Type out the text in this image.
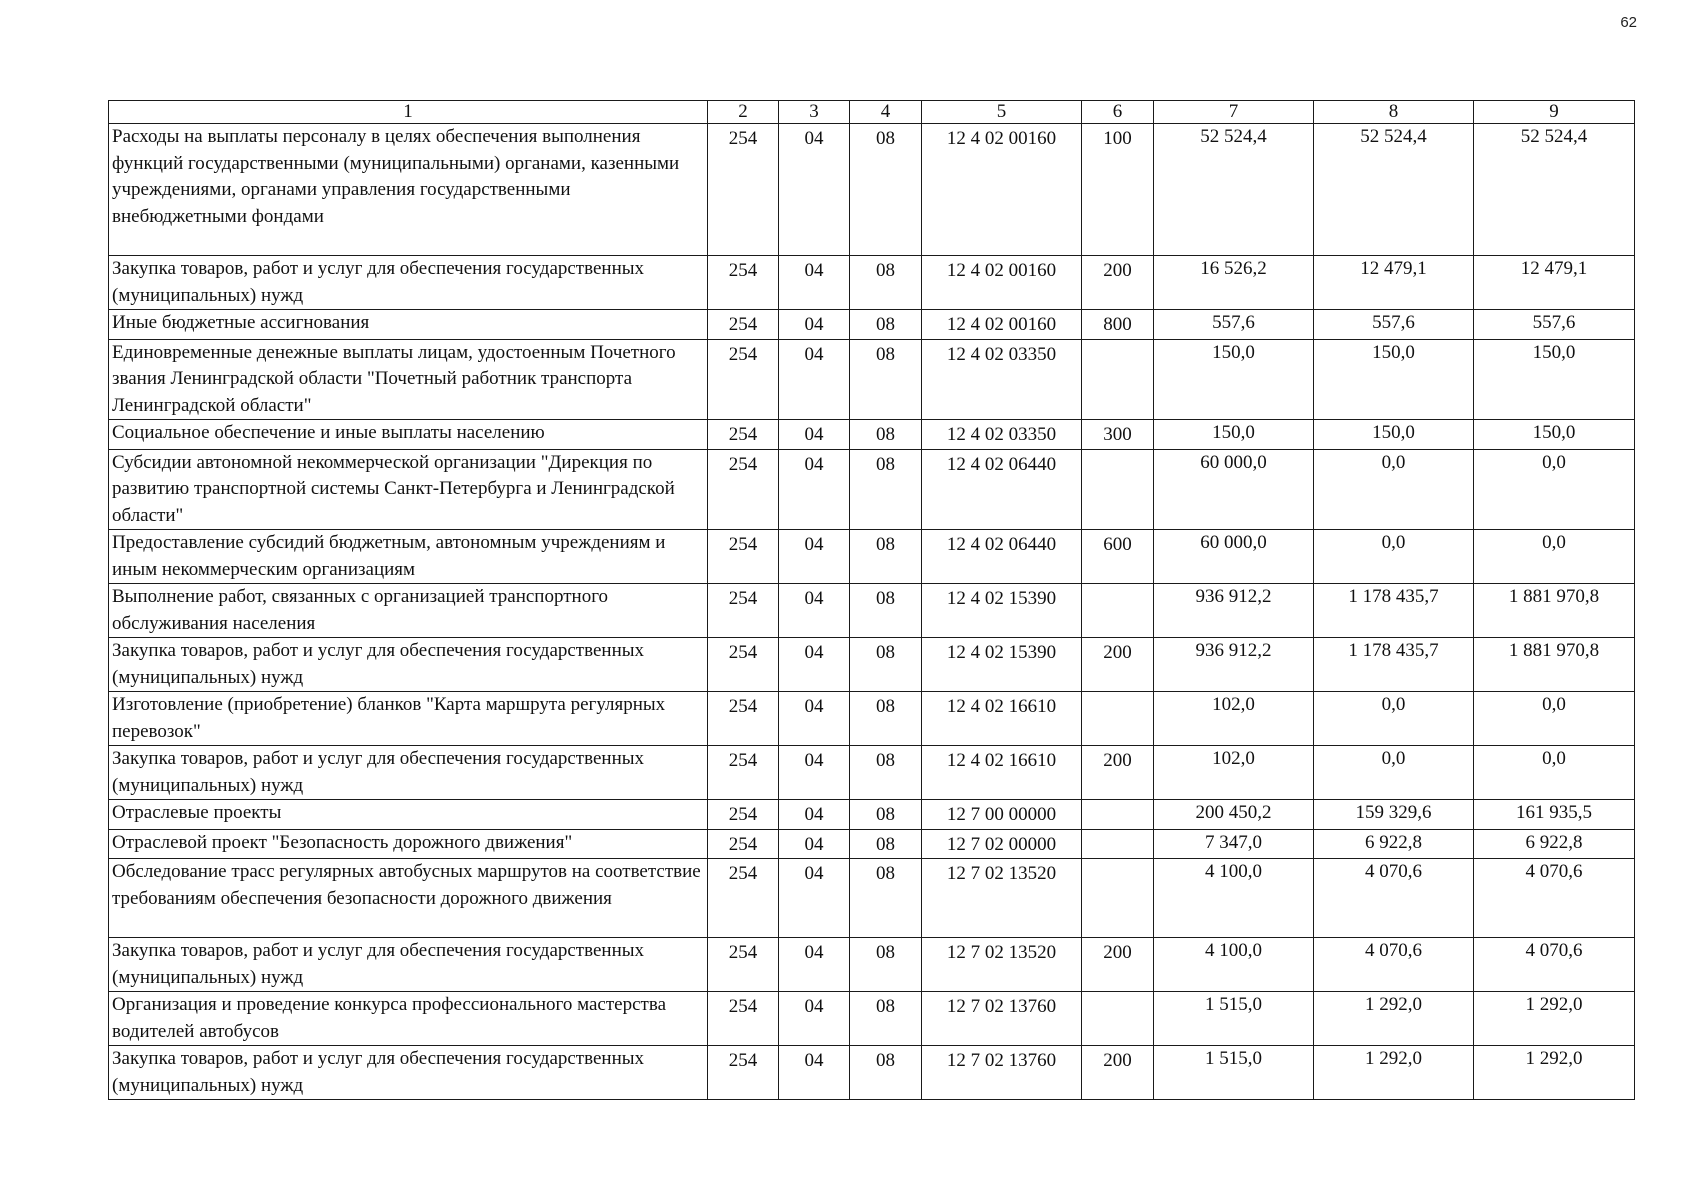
62
1	2	3	4	5	6	7	8	9
Расходы на выплаты персоналу в целях обеспечения выполнения функций государственными (муниципальными) органами, казенными учреждениями, органами управления государственными внебюджетными фондами	254	04	08	12 4 02 00160	100	52 524,4	52 524,4	52 524,4
Закупка товаров, работ и услуг для обеспечения государственных (муниципальных) нужд	254	04	08	12 4 02 00160	200	16 526,2	12 479,1	12 479,1
Иные бюджетные ассигнования	254	04	08	12 4 02 00160	800	557,6	557,6	557,6
Единовременные денежные выплаты лицам, удостоенным Почетного звания Ленинградской области "Почетный работник транспорта Ленинградской области"	254	04	08	12 4 02 03350		150,0	150,0	150,0
Социальное обеспечение и иные выплаты населению	254	04	08	12 4 02 03350	300	150,0	150,0	150,0
Субсидии автономной некоммерческой организации "Дирекция по развитию транспортной системы Санкт-Петербурга и Ленинградской области"	254	04	08	12 4 02 06440		60 000,0	0,0	0,0
Предоставление субсидий бюджетным, автономным учреждениям и иным некоммерческим организациям	254	04	08	12 4 02 06440	600	60 000,0	0,0	0,0
Выполнение работ, связанных с организацией транспортного обслуживания населения	254	04	08	12 4 02 15390		936 912,2	1 178 435,7	1 881 970,8
Закупка товаров, работ и услуг для обеспечения государственных (муниципальных) нужд	254	04	08	12 4 02 15390	200	936 912,2	1 178 435,7	1 881 970,8
Изготовление (приобретение) бланков "Карта маршрута регулярных перевозок"	254	04	08	12 4 02 16610		102,0	0,0	0,0
Закупка товаров, работ и услуг для обеспечения государственных (муниципальных) нужд	254	04	08	12 4 02 16610	200	102,0	0,0	0,0
Отраслевые проекты	254	04	08	12 7 00 00000		200 450,2	159 329,6	161 935,5
Отраслевой проект "Безопасность дорожного движения"	254	04	08	12 7 02 00000		7 347,0	6 922,8	6 922,8
Обследование трасс регулярных автобусных маршрутов на соответствие требованиям обеспечения безопасности дорожного движения	254	04	08	12 7 02 13520		4 100,0	4 070,6	4 070,6
Закупка товаров, работ и услуг для обеспечения государственных (муниципальных) нужд	254	04	08	12 7 02 13520	200	4 100,0	4 070,6	4 070,6
Организация и проведение конкурса профессионального мастерства водителей автобусов	254	04	08	12 7 02 13760		1 515,0	1 292,0	1 292,0
Закупка товаров, работ и услуг для обеспечения государственных (муниципальных) нужд	254	04	08	12 7 02 13760	200	1 515,0	1 292,0	1 292,0
